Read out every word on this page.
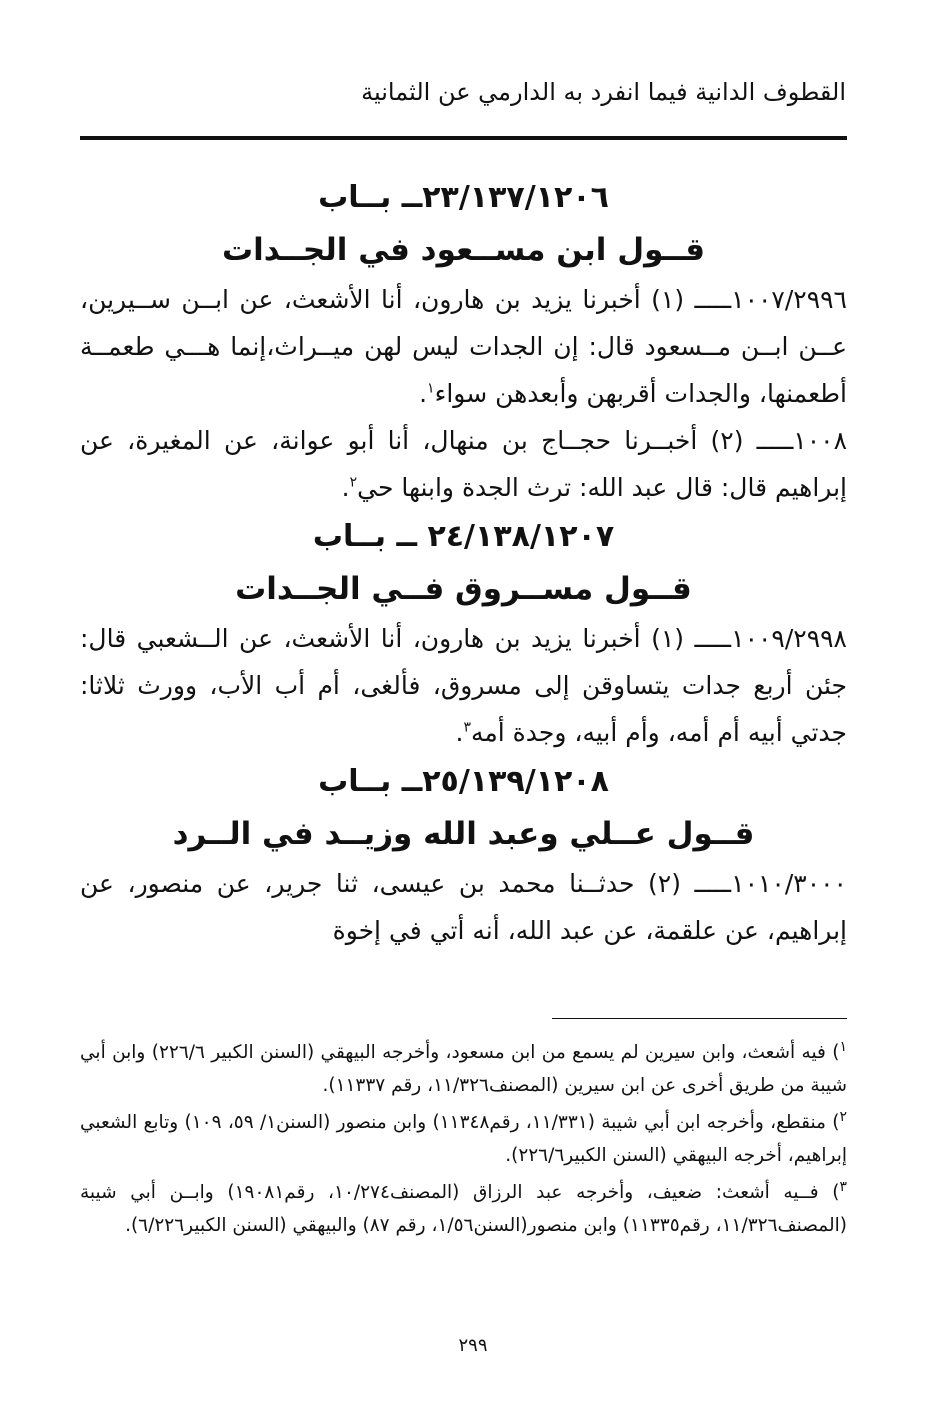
القطوف الدانية فيما انفرد به الدارمي عن الثمانية
٢٣/١٣٧/١٢٠٦ــ بــاب
قــول ابن مســعود في الجــدات

١٠٠٧/٢٩٩٦ـــــ (١) أخبرنا يزيد بن هارون، أنا الأشعث، عن ابــن ســيرين، عــن ابــن مــسعود قال: إن الجدات ليس لهن ميــراث،إنما هـــي طعمــة أطعمنها، والجدات أقربهن وأبعدهن سواء$^١$.

١٠٠٨ـــــ (٢) أخبــرنا حجــاج بن منهال، أنا أبو عوانة، عن المغيرة، عن إبراهيم قال: قال عبد الله: ترث الجدة وابنها حي$^٢$.

٢٤/١٣٨/١٢٠٧ ــ بــاب
قــول مســروق فــي الجــدات

١٠٠٩/٢٩٩٨ـــــ (١) أخبرنا يزيد بن هارون، أنا الأشعث، عن الــشعبي قال: جئن أربع جدات يتساوقن إلى مسروق، فألغى، أم أب الأب، وورث ثلاثا: جدتي أبيه أم أمه، وأم أبيه، وجدة أمه$^٣$.

٢٥/١٣٩/١٢٠٨ــ بــاب
قــول عــلي وعبد الله وزيــد في الــرد

١٠١٠/٣٠٠٠ـــــ (٢) حدثــنا محمد بن عيسى، ثنا جرير، عن منصور، عن إبراهيم، عن علقمة، عن عبد الله، أنه أتي في إخوة

$^١$) فيه أشعث، وابن سيرين لم يسمع من ابن مسعود، وأخرجه البيهقي (السنن الكبير ٢٢٦/٦) وابن أبي شيبة من طريق أخرى عن ابن سيرين (المصنف١١/٣٢٦، رقم ١١٣٣٧).

$^٢$) منقطع، وأخرجه ابن أبي شيبة (١١/٣٣١، رقم١١٣٤٨) وابن منصور (السنن١/ ٥٩، ١٠٩) وتابع الشعبي إبراهيم، أخرجه البيهقي (السنن الكبير٢٢٦/٦).

$^٣$) فــيه أشعث: ضعيف، وأخرجه عبد الرزاق (المصنف١٠/٢٧٤، رقم١٩٠٨١) وابــن أبي شيبة (المصنف١١/٣٢٦، رقم١١٣٣٥) وابن منصور(السنن١/٥٦، رقم ٨٧) والبيهقي (السنن الكبير٦/٢٢٦).

٢٩٩
